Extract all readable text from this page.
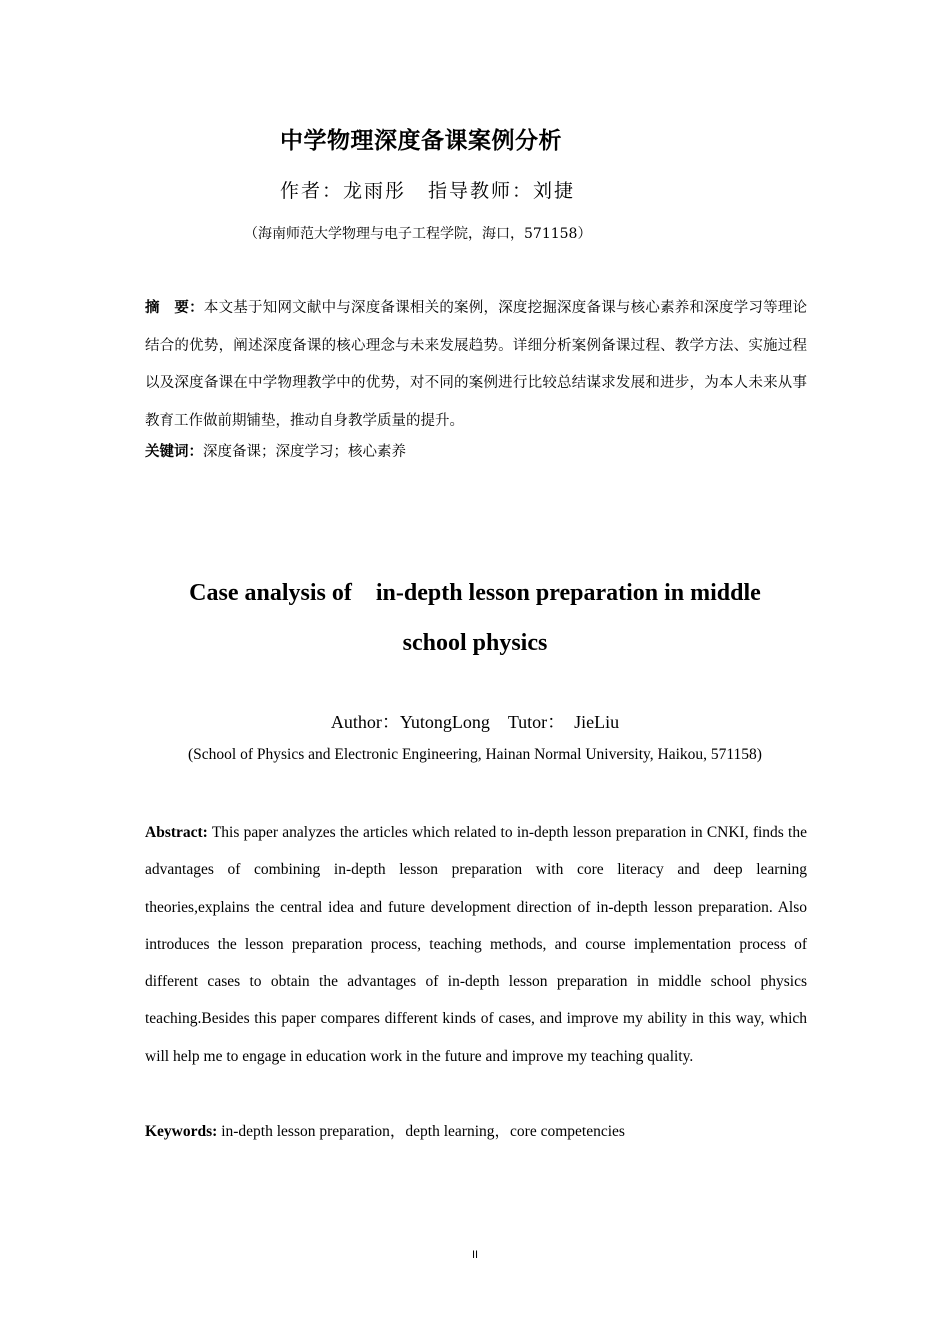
中学物理深度备课案例分析
作者：龙雨彤 指导教师：刘捷
（海南师范大学物理与电子工程学院，海口，571158）
摘　要：本文基于知网文献中与深度备课相关的案例，深度挖掘深度备课与核心素养和深度学习等理论结合的优势，阐述深度备课的核心理念与未来发展趋势。详细分析案例备课过程、教学方法、实施过程以及深度备课在中学物理教学中的优势，对不同的案例进行比较总结谋求发展和进步，为本人未来从事教育工作做前期铺垫，推动自身教学质量的提升。
关键词：深度备课；深度学习；核心素养
Case analysis of　in-depth lesson preparation in middle
school physics
Author：YutongLong　Tutor：　JieLiu
(School of Physics and Electronic Engineering, Hainan Normal University, Haikou, 571158)
Abstract: This paper analyzes the articles which related to in-depth lesson preparation in CNKI, finds the advantages of combining in-depth lesson preparation with core literacy and deep learning theories,explains the central idea and future development direction of in-depth lesson preparation. Also introduces the lesson preparation process, teaching methods, and course implementation process of different cases to obtain the advantages of in-depth lesson preparation in middle school physics teaching.Besides this paper compares different kinds of cases, and improve my ability in this way, which will help me to engage in education work in the future and improve my teaching quality.
Keywords: in-depth lesson preparation，depth learning，core competencies
II
